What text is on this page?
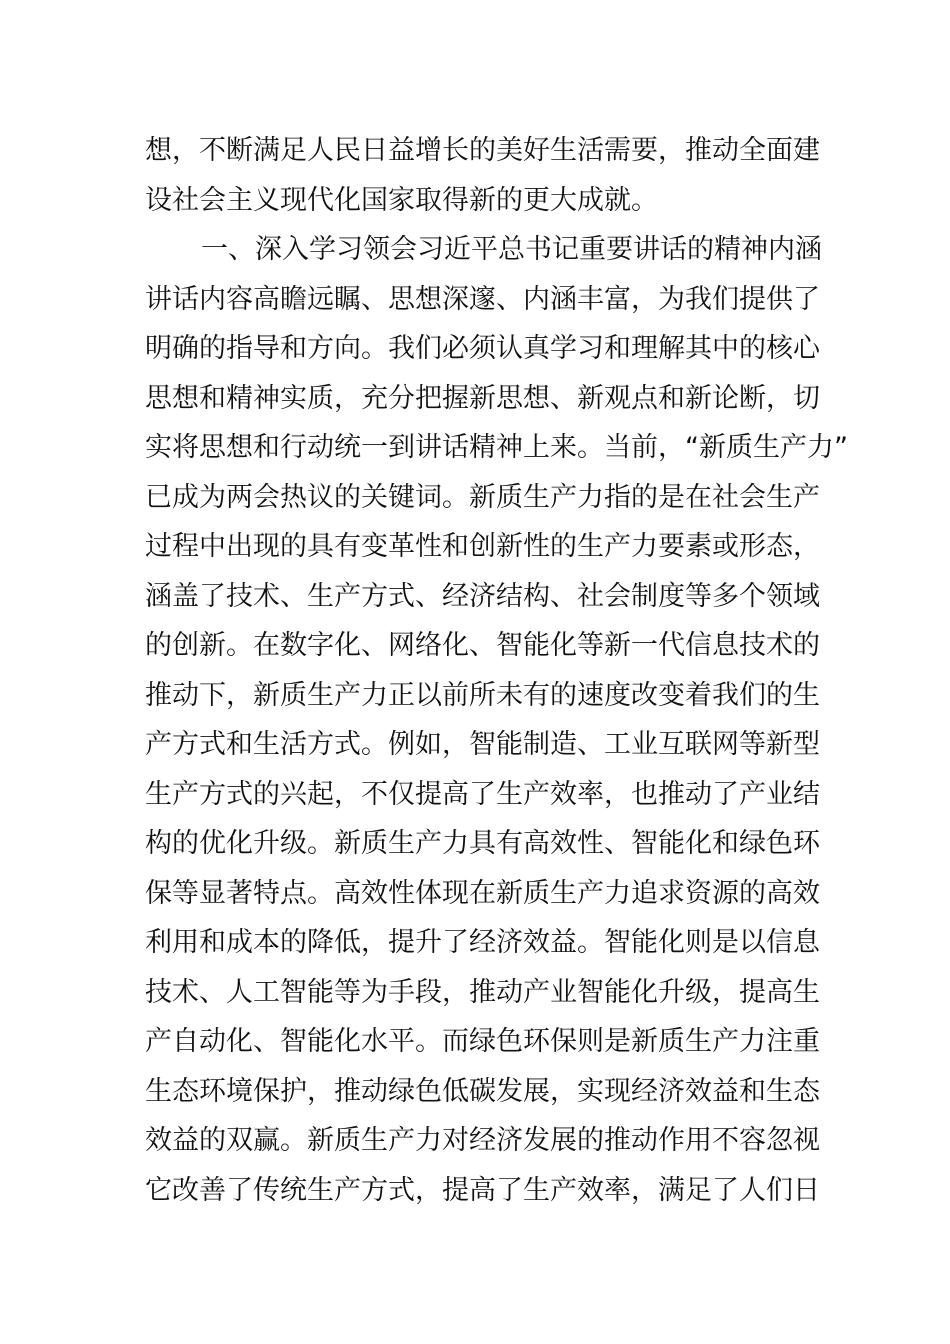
想，不断满足人民日益增长的美好生活需要，推动全面建
设社会主义现代化国家取得新的更大成就。
一、深入学习领会习近平总书记重要讲话的精神内涵
讲话内容高瞻远瞩、思想深邃、内涵丰富，为我们提供了
明确的指导和方向。我们必须认真学习和理解其中的核心
思想和精神实质，充分把握新思想、新观点和新论断，切
实将思想和行动统一到讲话精神上来。当前，“新质生产力”
已成为两会热议的关键词。新质生产力指的是在社会生产
过程中出现的具有变革性和创新性的生产力要素或形态，
涵盖了技术、生产方式、经济结构、社会制度等多个领域
的创新。在数字化、网络化、智能化等新一代信息技术的
推动下，新质生产力正以前所未有的速度改变着我们的生
产方式和生活方式。例如，智能制造、工业互联网等新型
生产方式的兴起，不仅提高了生产效率，也推动了产业结
构的优化升级。新质生产力具有高效性、智能化和绿色环
保等显著特点。高效性体现在新质生产力追求资源的高效
利用和成本的降低，提升了经济效益。智能化则是以信息
技术、人工智能等为手段，推动产业智能化升级，提高生
产自动化、智能化水平。而绿色环保则是新质生产力注重
生态环境保护，推动绿色低碳发展，实现经济效益和生态
效益的双赢。新质生产力对经济发展的推动作用不容忽视
它改善了传统生产方式，提高了生产效率，满足了人们日
